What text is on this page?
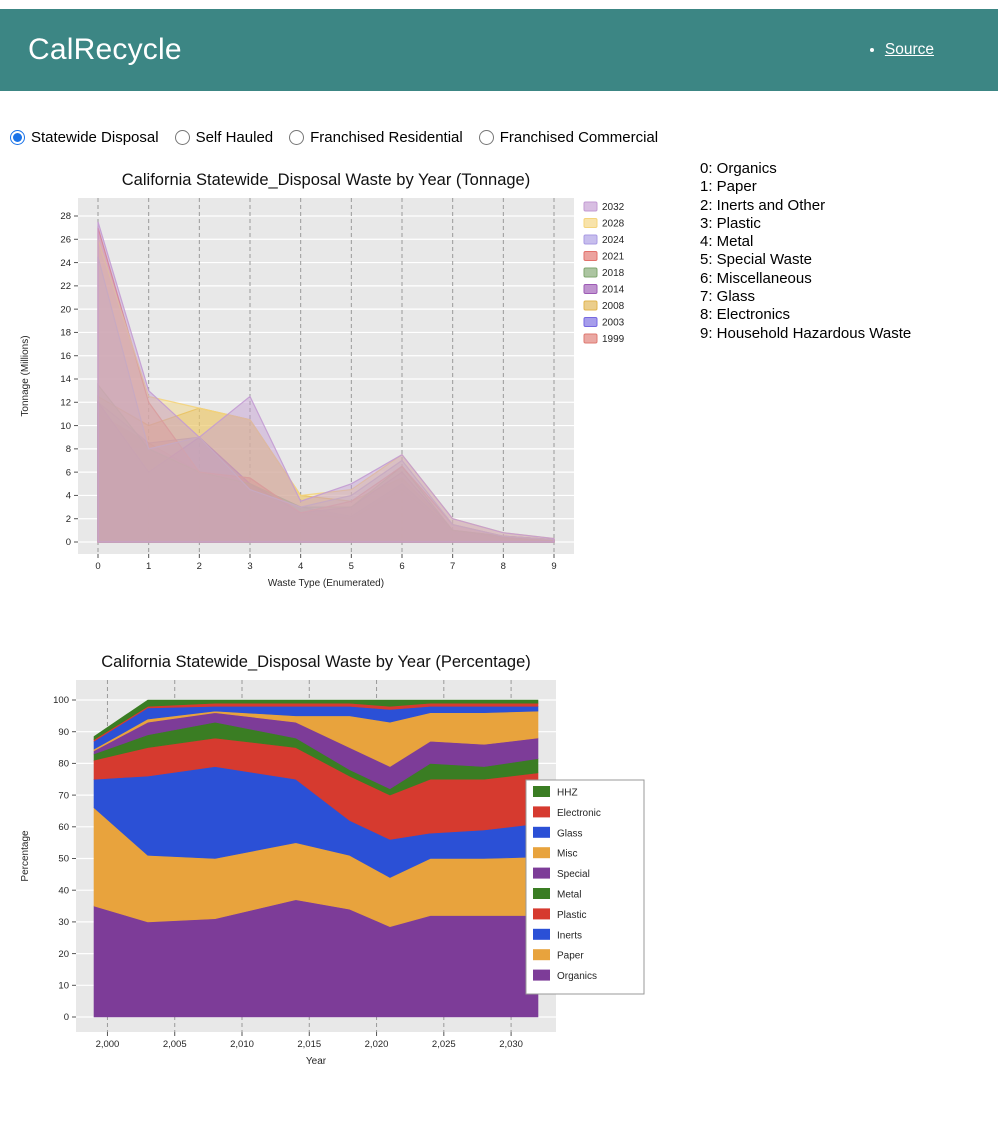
CalRecycle	• Source
Statewide Disposal Self Hauled Franchised Residential Franchised Commercial
0
2
4
6
8
10
12
14
16
18
20
22
24
26
28
0	1	2	3	4	5	6	7	8	9
California Statewide_Disposal Waste by Year (Tonnage)
Waste Type (Enumerated)
Tonnage (Millions)
2032
2028
2024
2021
2018
2014
2008
2003
1999
0
10
20
30
40
50
60
70
80
90
100
2,000	2,005	2,010	2,015	2,020	2,025	2,030
California Statewide_Disposal Waste by Year (Percentage)
Year
Percentage
HHZ
Electronic
Glass
Misc
Special
Metal
Plastic
Inerts
Paper
Organics
0: Organics
1: Paper
2: Inerts and Other
3: Plastic
4: Metal
5: Special Waste
6: Miscellaneous
7: Glass
8: Electronics
9: Household Hazardous Waste
